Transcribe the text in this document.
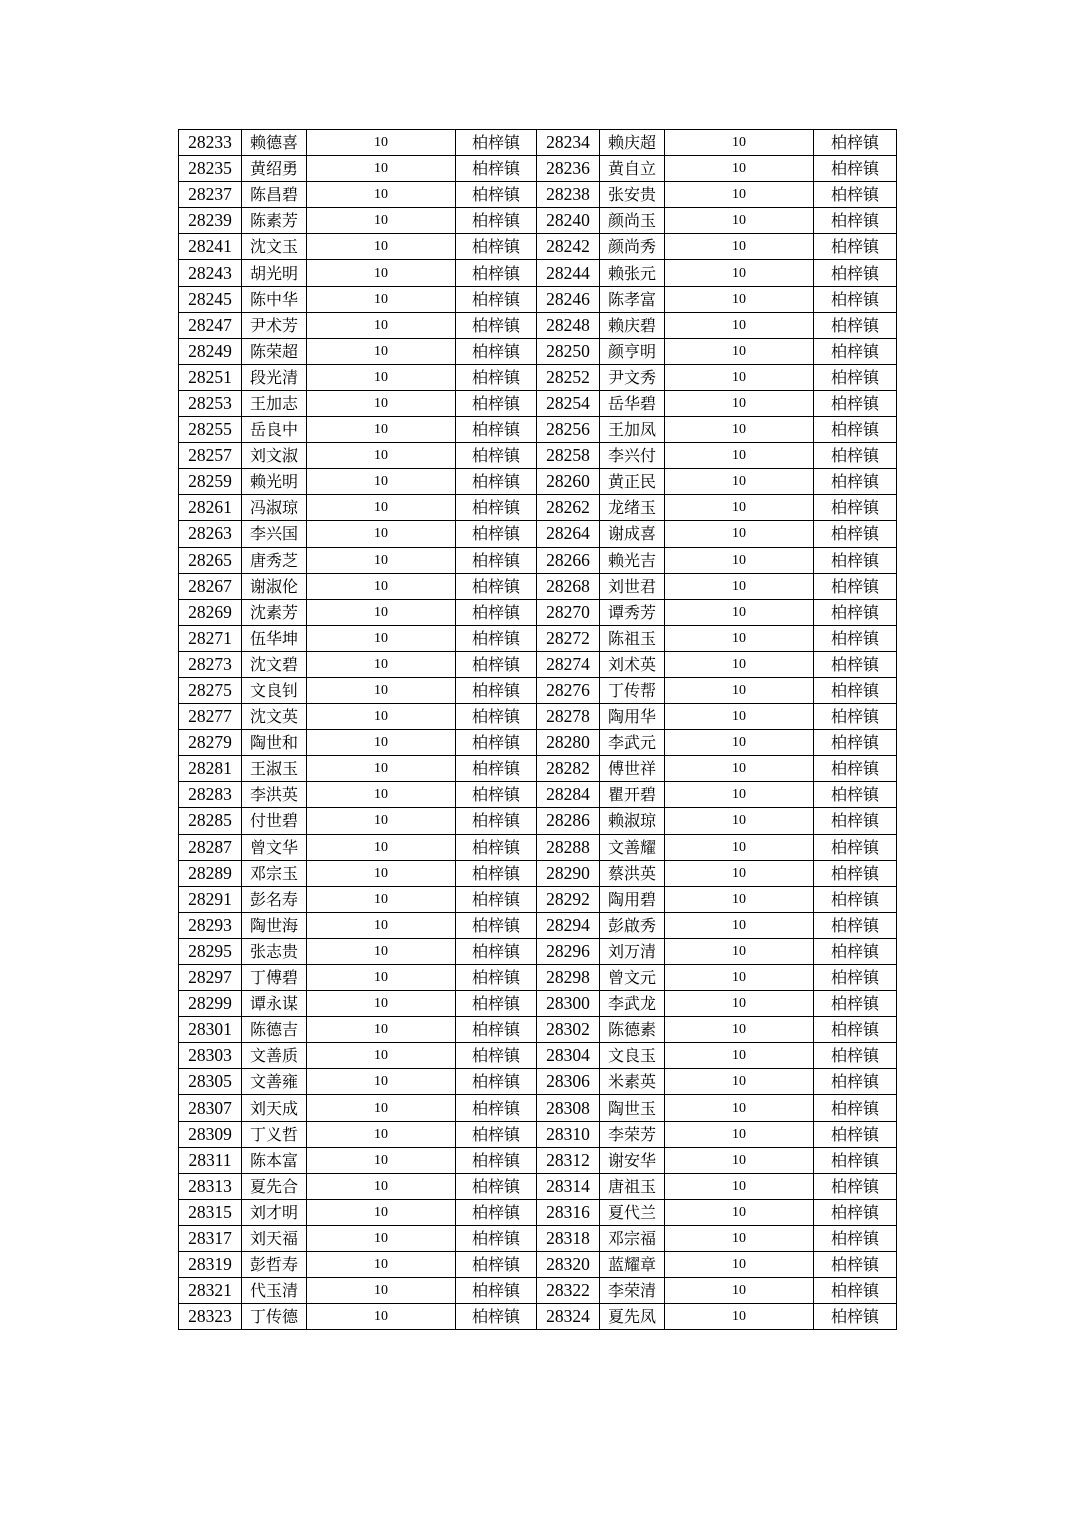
28233	赖德喜	10	柏梓镇	28234	赖庆超	10	柏梓镇
28235	黄绍勇	10	柏梓镇	28236	黄自立	10	柏梓镇
28237	陈昌碧	10	柏梓镇	28238	张安贵	10	柏梓镇
28239	陈素芳	10	柏梓镇	28240	颜尚玉	10	柏梓镇
28241	沈文玉	10	柏梓镇	28242	颜尚秀	10	柏梓镇
28243	胡光明	10	柏梓镇	28244	赖张元	10	柏梓镇
28245	陈中华	10	柏梓镇	28246	陈孝富	10	柏梓镇
28247	尹术芳	10	柏梓镇	28248	赖庆碧	10	柏梓镇
28249	陈荣超	10	柏梓镇	28250	颜亨明	10	柏梓镇
28251	段光清	10	柏梓镇	28252	尹文秀	10	柏梓镇
28253	王加志	10	柏梓镇	28254	岳华碧	10	柏梓镇
28255	岳良中	10	柏梓镇	28256	王加凤	10	柏梓镇
28257	刘文淑	10	柏梓镇	28258	李兴付	10	柏梓镇
28259	赖光明	10	柏梓镇	28260	黄正民	10	柏梓镇
28261	冯淑琼	10	柏梓镇	28262	龙绪玉	10	柏梓镇
28263	李兴国	10	柏梓镇	28264	谢成喜	10	柏梓镇
28265	唐秀芝	10	柏梓镇	28266	赖光吉	10	柏梓镇
28267	谢淑伦	10	柏梓镇	28268	刘世君	10	柏梓镇
28269	沈素芳	10	柏梓镇	28270	谭秀芳	10	柏梓镇
28271	伍华坤	10	柏梓镇	28272	陈祖玉	10	柏梓镇
28273	沈文碧	10	柏梓镇	28274	刘术英	10	柏梓镇
28275	文良钊	10	柏梓镇	28276	丁传帮	10	柏梓镇
28277	沈文英	10	柏梓镇	28278	陶用华	10	柏梓镇
28279	陶世和	10	柏梓镇	28280	李武元	10	柏梓镇
28281	王淑玉	10	柏梓镇	28282	傅世祥	10	柏梓镇
28283	李洪英	10	柏梓镇	28284	瞿开碧	10	柏梓镇
28285	付世碧	10	柏梓镇	28286	赖淑琼	10	柏梓镇
28287	曾文华	10	柏梓镇	28288	文善耀	10	柏梓镇
28289	邓宗玉	10	柏梓镇	28290	蔡洪英	10	柏梓镇
28291	彭名寿	10	柏梓镇	28292	陶用碧	10	柏梓镇
28293	陶世海	10	柏梓镇	28294	彭啟秀	10	柏梓镇
28295	张志贵	10	柏梓镇	28296	刘万清	10	柏梓镇
28297	丁傅碧	10	柏梓镇	28298	曾文元	10	柏梓镇
28299	谭永谋	10	柏梓镇	28300	李武龙	10	柏梓镇
28301	陈德吉	10	柏梓镇	28302	陈德素	10	柏梓镇
28303	文善质	10	柏梓镇	28304	文良玉	10	柏梓镇
28305	文善雍	10	柏梓镇	28306	米素英	10	柏梓镇
28307	刘天成	10	柏梓镇	28308	陶世玉	10	柏梓镇
28309	丁义哲	10	柏梓镇	28310	李荣芳	10	柏梓镇
28311	陈本富	10	柏梓镇	28312	谢安华	10	柏梓镇
28313	夏先合	10	柏梓镇	28314	唐祖玉	10	柏梓镇
28315	刘才明	10	柏梓镇	28316	夏代兰	10	柏梓镇
28317	刘天福	10	柏梓镇	28318	邓宗福	10	柏梓镇
28319	彭哲寿	10	柏梓镇	28320	蓝耀章	10	柏梓镇
28321	代玉清	10	柏梓镇	28322	李荣清	10	柏梓镇
28323	丁传德	10	柏梓镇	28324	夏先凤	10	柏梓镇
